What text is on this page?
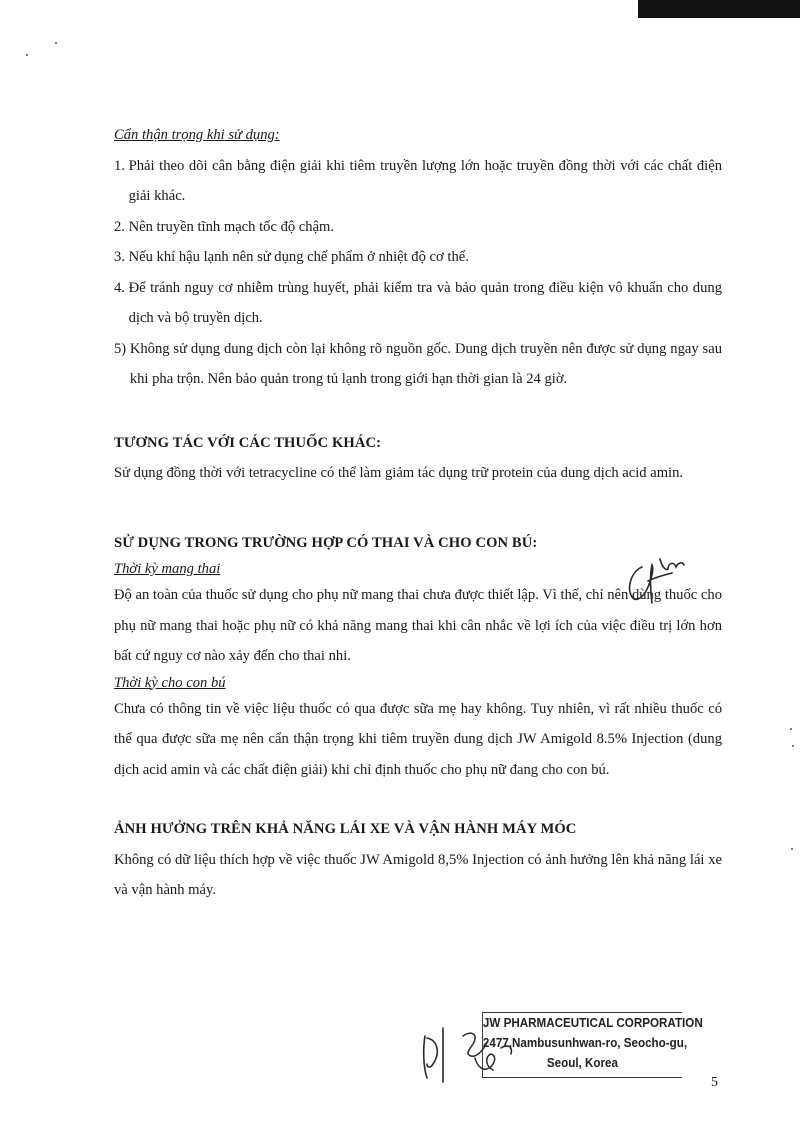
Cẩn thận trọng khi sử dụng:
1. Phải theo dõi cân bằng điện giải khi tiêm truyền lượng lớn hoặc truyền đồng thời với các chất điện giải khác.
2. Nên truyền tĩnh mạch tốc độ chậm.
3. Nếu khí hậu lạnh nên sử dụng chế phẩm ở nhiệt độ cơ thể.
4. Để tránh nguy cơ nhiễm trùng huyết, phải kiểm tra và bảo quản trong điều kiện vô khuẩn cho dung dịch và bộ truyền dịch.
5) Không sử dụng dung dịch còn lại không rõ nguồn gốc. Dung dịch truyền nên được sử dụng ngay sau khi pha trộn. Nên bảo quản trong tủ lạnh trong giới hạn thời gian là 24 giờ.
TƯƠNG TÁC VỚI CÁC THUỐC KHÁC:
Sử dụng đồng thời với tetracycline có thể làm giảm tác dụng trữ protein của dung dịch acid amin.
SỬ DỤNG TRONG TRƯỜNG HỢP CÓ THAI VÀ CHO CON BÚ:
Thời kỳ mang thai
Độ an toàn của thuốc sử dụng cho phụ nữ mang thai chưa được thiết lập. Vì thế, chỉ nên dùng thuốc cho phụ nữ mang thai hoặc phụ nữ có khả năng mang thai khi cân nhắc về lợi ích của việc điều trị lớn hơn bất cứ nguy cơ nào xảy đến cho thai nhi.
Thời kỳ cho con bú
Chưa có thông tin về việc liệu thuốc có qua được sữa mẹ hay không. Tuy nhiên, vì rất nhiều thuốc có thể qua được sữa mẹ nên cẩn thận trọng khi tiêm truyền dung dịch JW Amigold 8.5% Injection (dung dịch acid amin và các chất điện giải) khi chỉ định thuốc cho phụ nữ đang cho con bú.
ẢNH HƯỞNG TRÊN KHẢ NĂNG LÁI XE VÀ VẬN HÀNH MÁY MÓC
Không có dữ liệu thích hợp về việc thuốc JW Amigold 8,5% Injection có ảnh hưởng lên khả năng lái xe và vận hành máy.
JW PHARMACEUTICAL CORPORATION
2477,Nambusunhwan-ro, Seocho-gu,
Seoul, Korea
5
